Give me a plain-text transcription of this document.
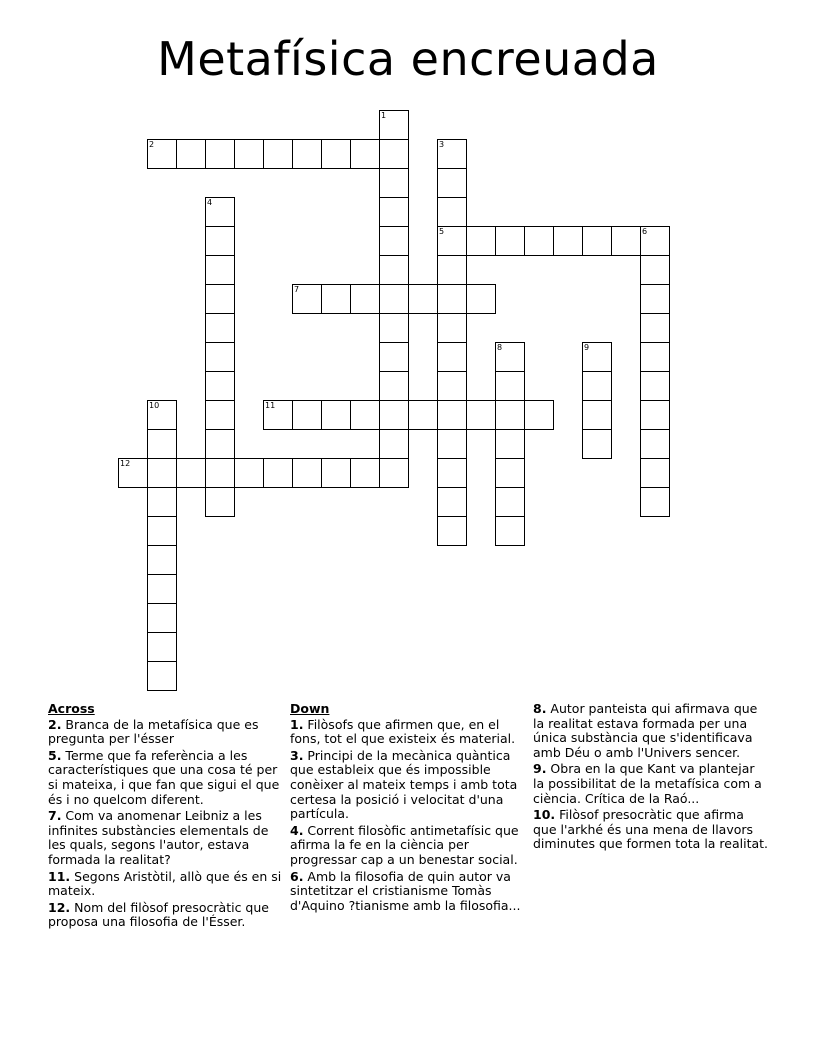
Metafísica encreuada
1
2	3
4
5	6
7
8	9
10	11
12
Across
2. Branca de la metafísica que es pregunta per l'ésser
5. Terme que fa referència a les característiques que una cosa té per si mateixa, i que fan que sigui el que és i no quelcom diferent.
7. Com va anomenar Leibniz a les infinites substàncies elementals de les quals, segons l'autor, estava formada la realitat?
11. Segons Aristòtil, allò que és en si mateix.
12. Nom del filòsof presocràtic que proposa una filosofia de l'Ésser.
Down
1. Filòsofs que afirmen que, en el fons, tot el que existeix és material.
3. Principi de la mecànica quàntica que estableix que és impossible conèixer al mateix temps i amb tota certesa la posició i velocitat d'una partícula.
4. Corrent filosòfic antimetafísic que afirma la fe en la ciència per progressar cap a un benestar social.
6. Amb la filosofia de quin autor va sintetitzar el cristianisme Tomàs d'Aquino ?tianisme amb la filosofia...
8. Autor panteista qui afirmava que la realitat estava formada per una única substància que s'identificava amb Déu o amb l'Univers sencer.
9. Obra en la que Kant va plantejar la possibilitat de la metafísica com a ciència. Crítica de la Raó...
10. Filòsof presocràtic que afirma que l'arkhé és una mena de llavors diminutes que formen tota la realitat.
